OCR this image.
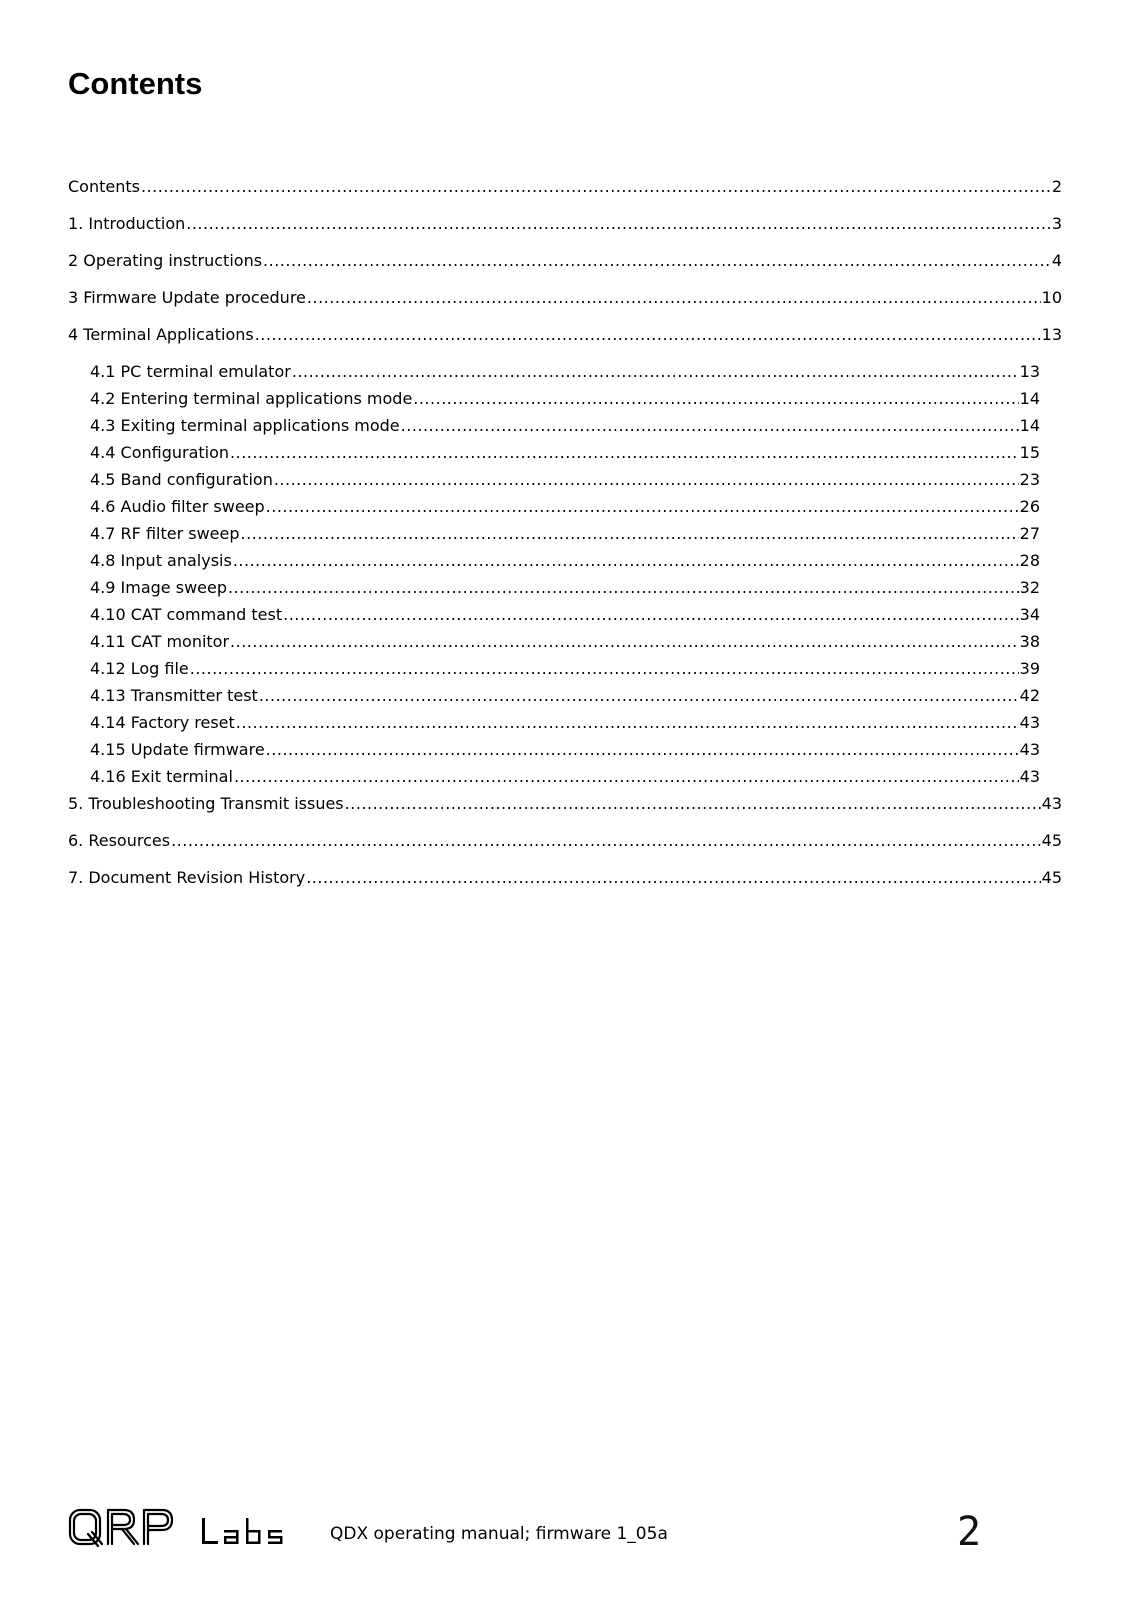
Contents
Contents .....	2
1. Introduction .....	3
2 Operating instructions .....	4
3 Firmware Update procedure .....	10
4 Terminal Applications .....	13
4.1 PC terminal emulator .....	13
4.2 Entering terminal applications mode .....	14
4.3 Exiting terminal applications mode .....	14
4.4 Configuration .....	15
4.5 Band configuration .....	23
4.6 Audio filter sweep .....	26
4.7 RF filter sweep .....	27
4.8 Input analysis .....	28
4.9 Image sweep .....	32
4.10 CAT command test .....	34
4.11 CAT monitor .....	38
4.12 Log file .....	39
4.13 Transmitter test .....	42
4.14 Factory reset .....	43
4.15 Update firmware .....	43
4.16 Exit terminal .....	43
5. Troubleshooting Transmit issues .....	43
6. Resources .....	45
7. Document Revision History .....	45
QDX operating manual; firmware 1_05a	2
